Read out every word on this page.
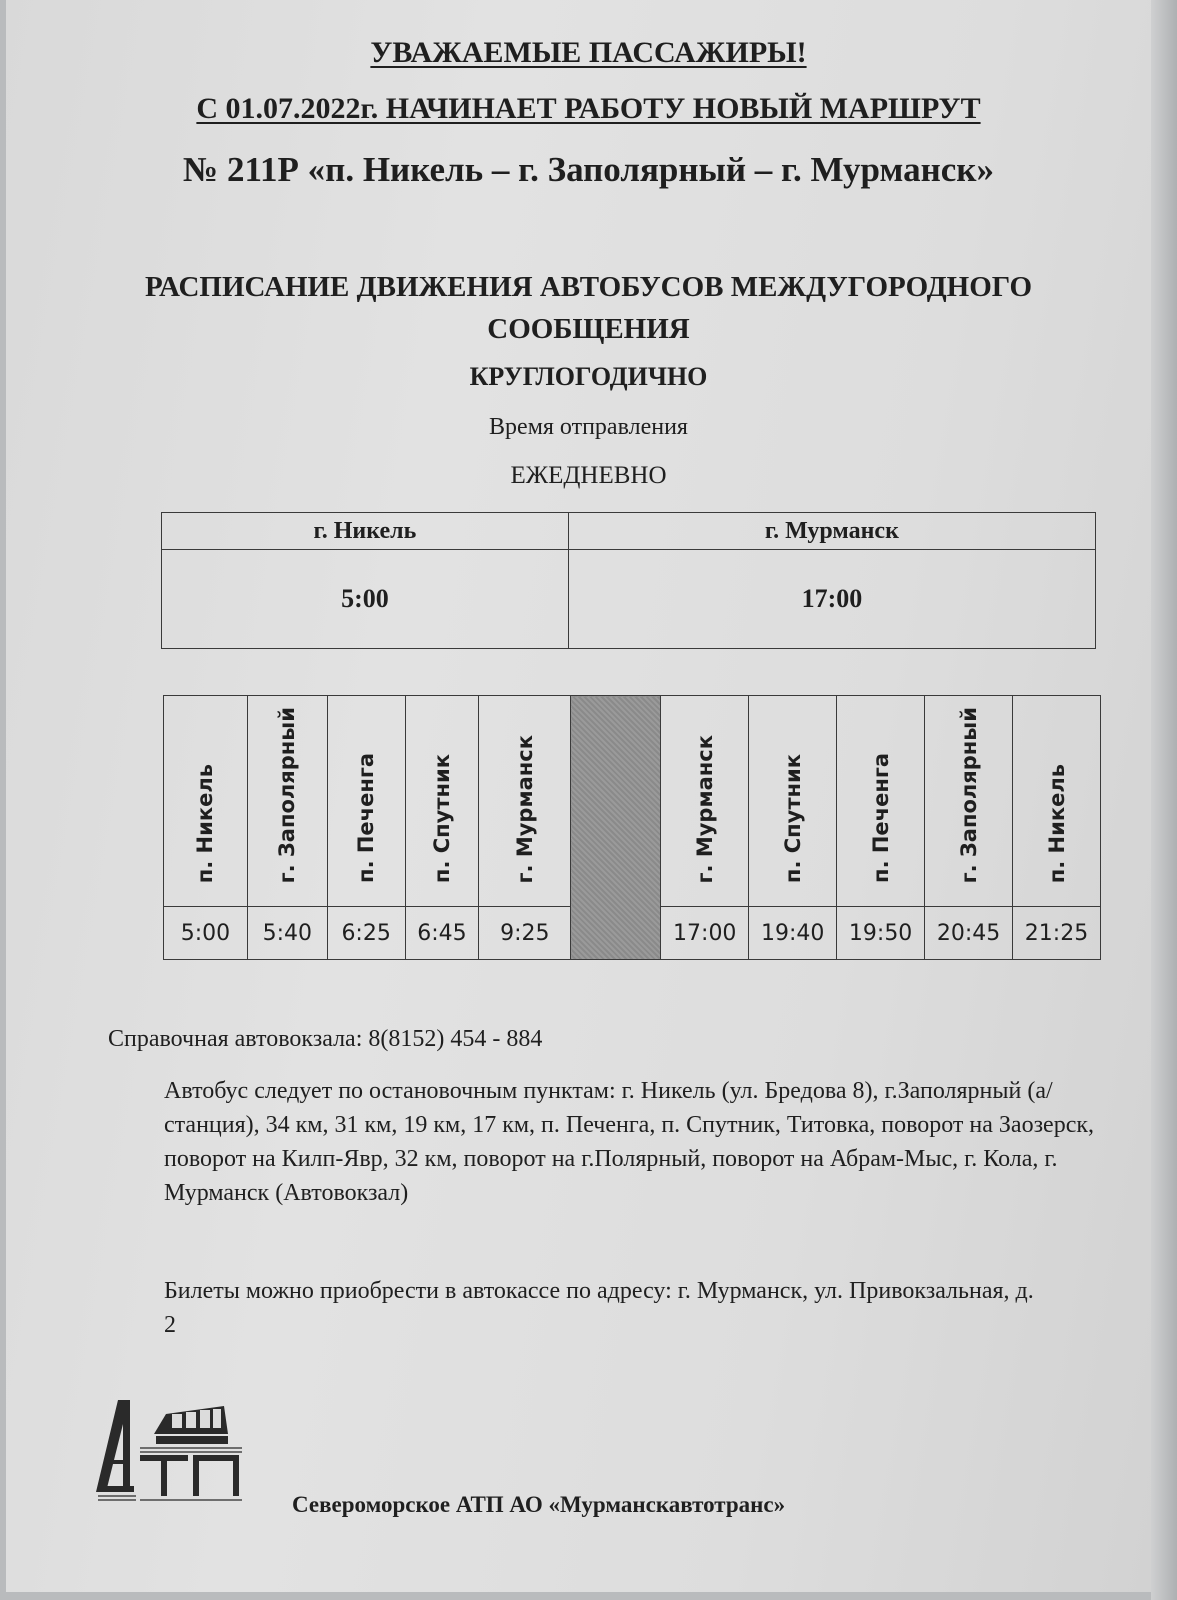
УВАЖАЕМЫЕ ПАССАЖИРЫ!
С 01.07.2022г. НАЧИНАЕТ РАБОТУ НОВЫЙ МАРШРУТ
№ 211Р «п. Никель – г. Заполярный – г. Мурманск»
РАСПИСАНИЕ ДВИЖЕНИЯ АВТОБУСОВ МЕЖДУГОРОДНОГО
СООБЩЕНИЯ
КРУГЛОГОДИЧНО
Время отправления
ЕЖЕДНЕВНО
г. Никель	г. Мурманск
5:00	17:00
п. Никель	г. Заполярный	п. Печенга	п. Спутник	г. Мурманск		г. Мурманск	п. Спутник	п. Печенга	г. Заполярный	п. Никель
5:00	5:40	6:25	6:45	9:25		17:00	19:40	19:50	20:45	21:25
Справочная автовокзала: 8(8152) 454 - 884
Автобус следует по остановочным пунктам: г. Никель (ул. Бредова 8), г.Заполярный (а/станция), 34 км, 31 км, 19 км, 17 км, п. Печенга, п. Спутник, Титовка, поворот на Заозерск, поворот на Килп-Явр, 32 км, поворот на г.Полярный, поворот на Абрам-Мыс, г. Кола, г. Мурманск (Автовокзал)
Билеты можно приобрести в автокассе по адресу: г. Мурманск, ул. Привокзальная, д. 2
Североморское АТП АО «Мурманскавтотранс»
